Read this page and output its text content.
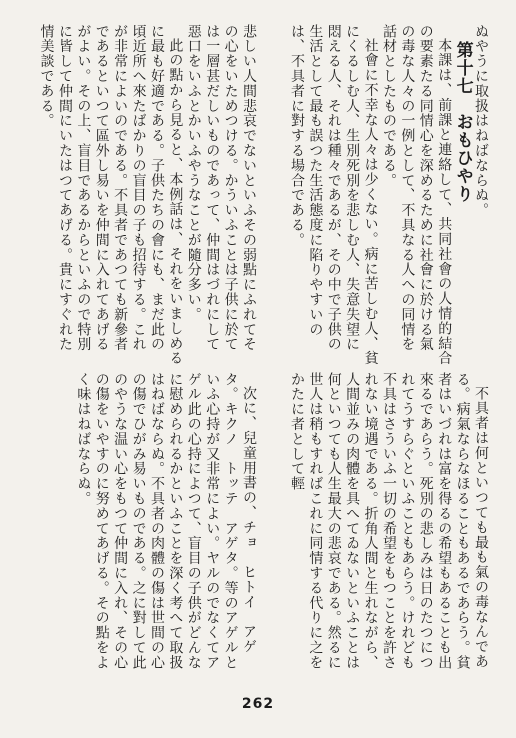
ぬやうに取扱はねばならぬ。

第十七　おもひやり

本課は、前課と連絡して、共同社會の人情的結合の要素たる同情心を深めるために社會に於ける氣の毒な人々の一例として、不具なる人への同情を話材としたものである。

社會に不幸な人々は少くない。病に苦しむ人、貧にくるしむ人、生別死別を悲しむ人、失意失望に悶える人、それは種々であるが、その中で子供の生活として最も誤つた生活態度に陷りやすいのは、不具者に對する場合である。

悲しい人間悲哀でないといふその弱點にふれてその心をいためつける。かういふことは子供に於ては一層甚だしいものであって、仲間はづれにして惡口をいふとかいふやうなことが隨分多い。

此の點から見ると、本例話は、それをいましめるに最も好適である。子供たちの會にも、まだ此の頃近所へ來たばかりの盲目の子も招待する。これが非常によいのである。不具者であつても新參者であるといつて區外し易いを仲間に入れてあげるがよい。その上、盲目であるからといふので特別に皆して仲間にいたはつてあげる。貴にすぐれた情美談である。

不具者は何といつても最も氣の毒なんである。病氣ならなほることもあるであらう。貧者はいづれは富を得るの希望もあることも出來るであらう。死別の悲しみは日のたつにつれてうすらぐといふこともあらう。けれども不具はさういふ一切の希望をもつことを許されない境遇である。折角人間と生れながら、人間並みの肉體を具へてゐないといふことは何といつても人生最大の悲哀である。然るに世人は稍もすればこれに同情する代りに之をかたに者として輕

次に、兒童用書の、チョ　ヒトイ　アゲタ。キクノ　トッテ　アゲタ。等のアゲルといふ心持が又非常によい。ヤルのでなくてアゲル此の心持によつて、盲目の子供がどんなに慰められるかといふことを深く考へて取扱はねばならぬ。不具者の肉體の傷は世間の心の傷でひがみ易いものである。之に對して此のやうな温い心をもつて仲間に入れ、その心の傷をいやすのに努めてあげる。その點をよく味はねばならぬ。

262
